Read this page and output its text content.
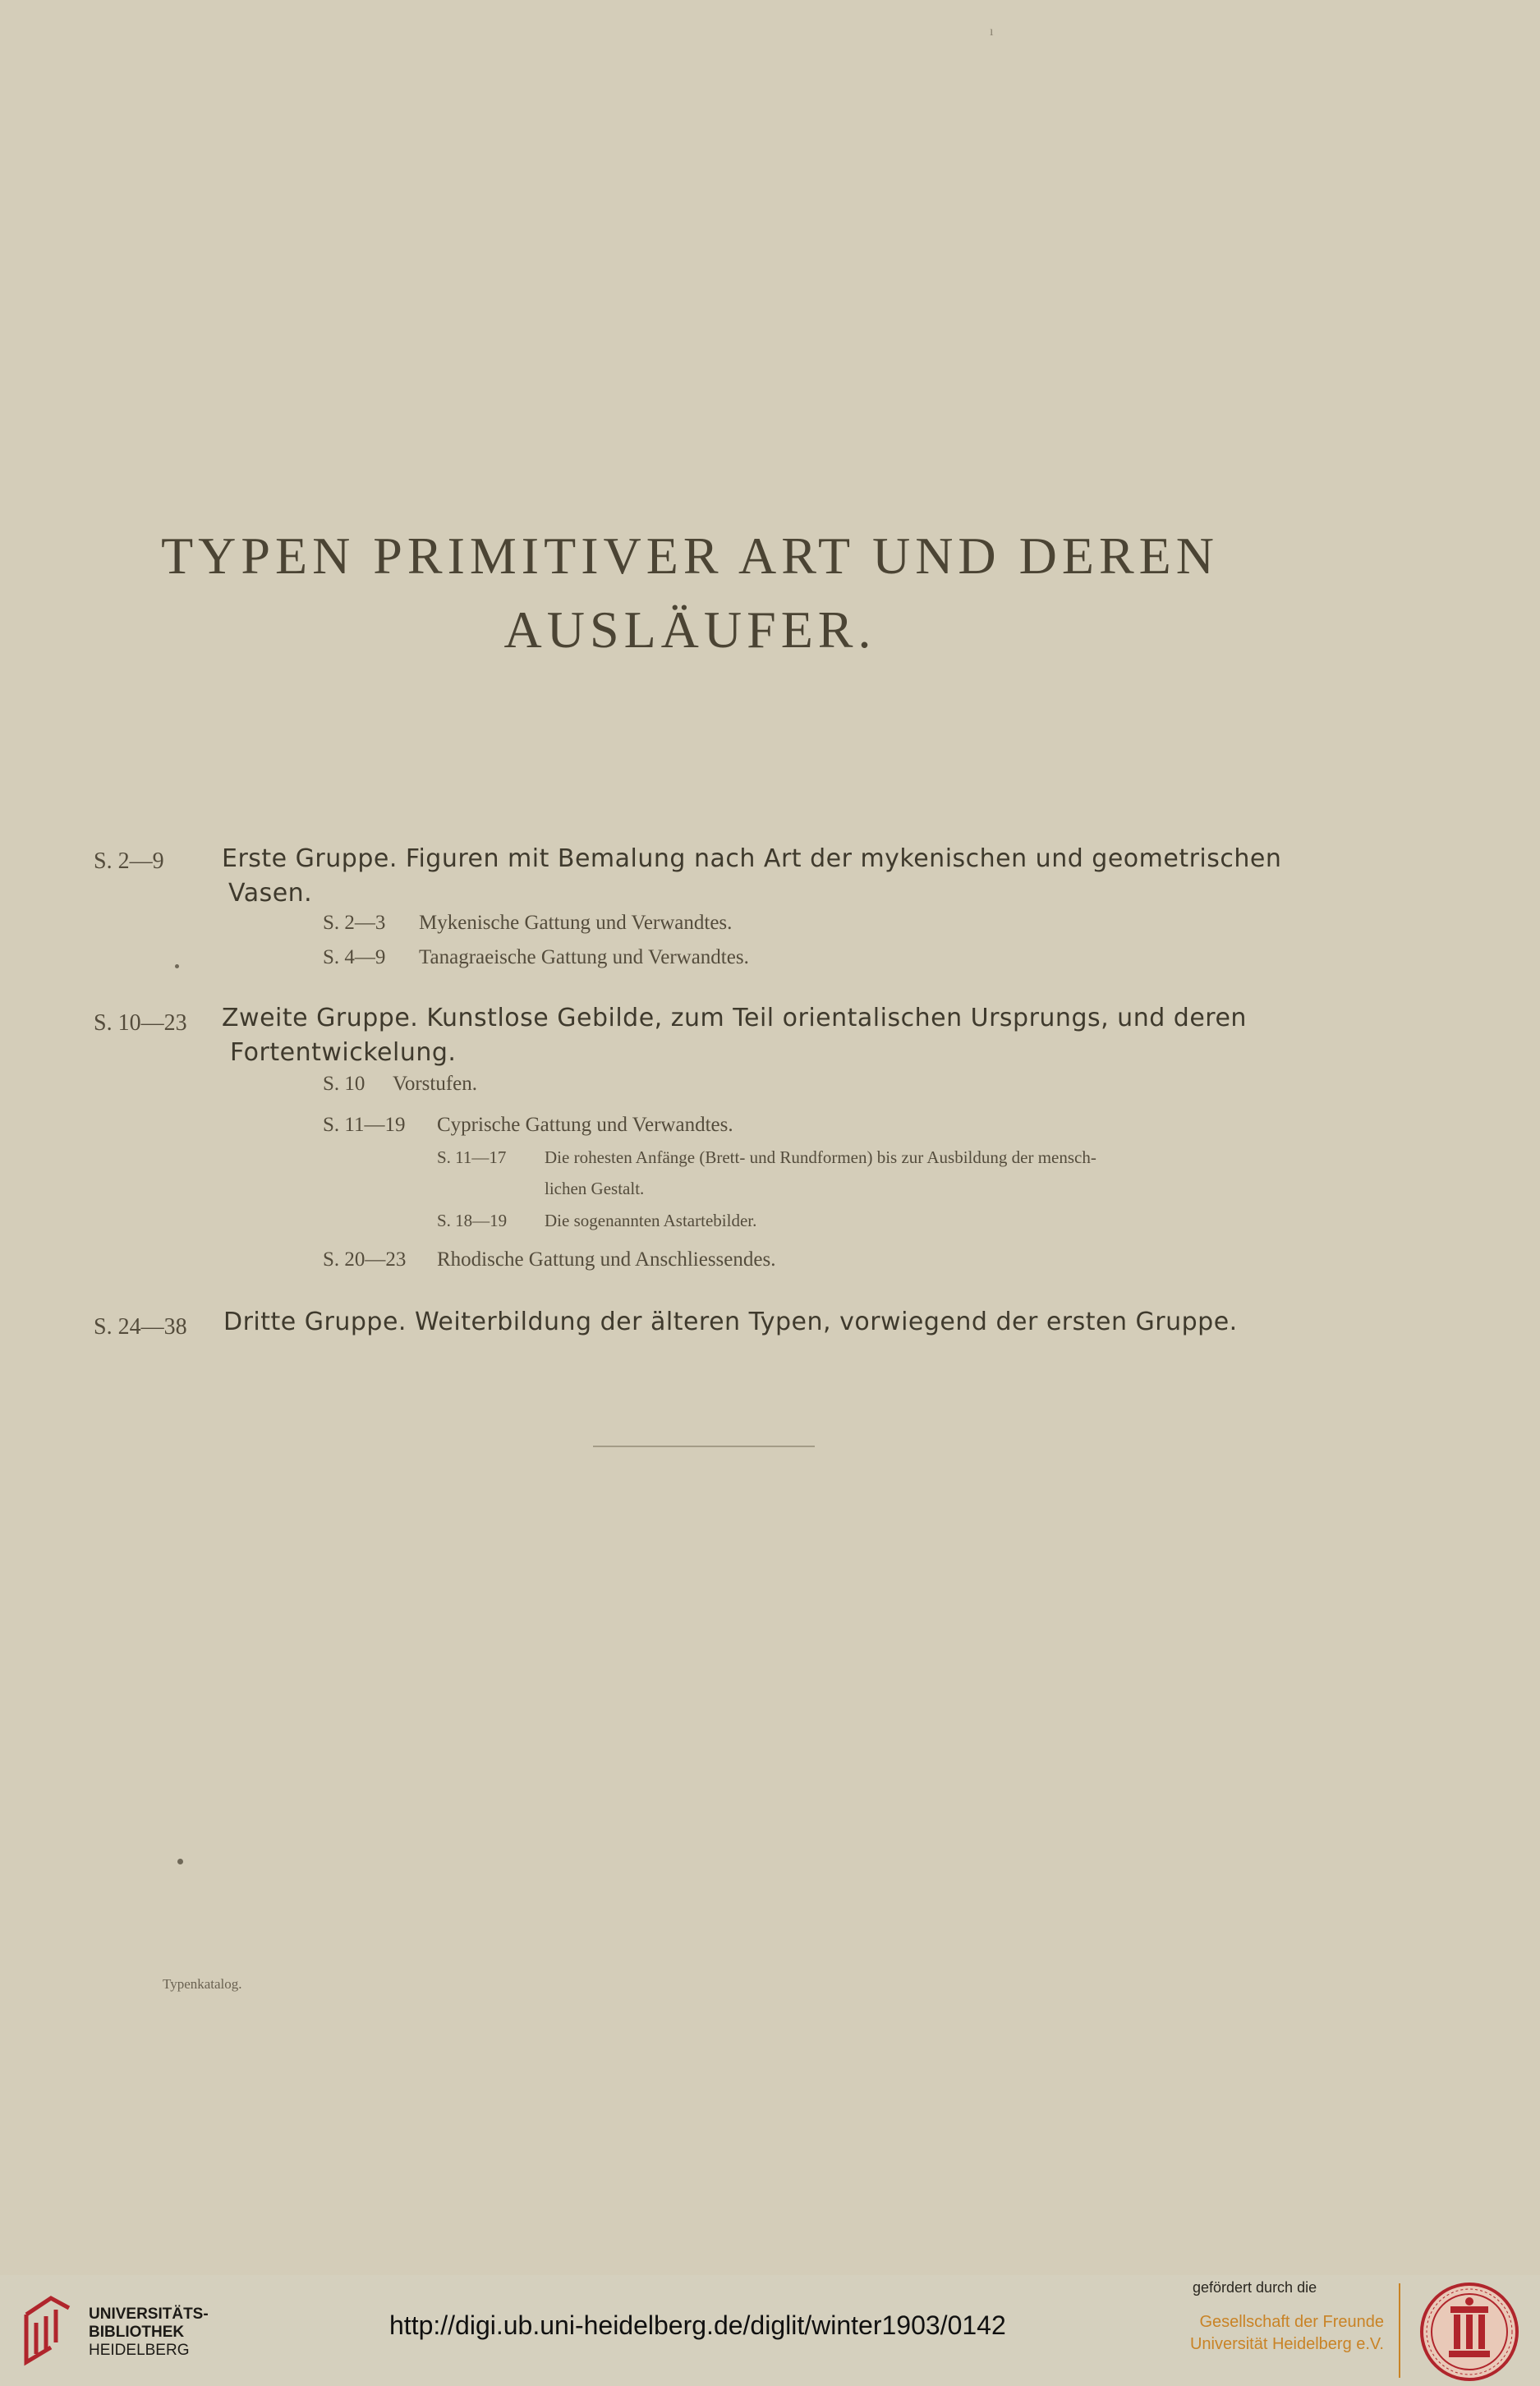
ı
TYPEN PRIMITIVER ART UND DEREN
AUSLÄUFER.
S. 2—9 Erste Gruppe. Figuren mit Bemalung nach Art der mykenischen und geometrischen
Vasen.
S. 2—3 Mykenische Gattung und Verwandtes.
S. 4—9 Tanagraeische Gattung und Verwandtes.
S. 10—23 Zweite Gruppe. Kunstlose Gebilde, zum Teil orientalischen Ursprungs, und deren
Fortentwickelung.
S. 10 Vorstufen.
S. 11—19 Cyprische Gattung und Verwandtes.
S. 11—17 Die rohesten Anfänge (Brett- und Rundformen) bis zur Ausbildung der mensch-
lichen Gestalt.
S. 18—19 Die sogenannten Astartebilder.
S. 20—23 Rhodische Gattung und Anschliessendes.
S. 24—38 Dritte Gruppe. Weiterbildung der älteren Typen, vorwiegend der ersten Gruppe.
Typenkatalog.
UNIVERSITÄTS-
BIBLIOTHEK
HEIDELBERG
http://digi.ub.uni-heidelberg.de/diglit/winter1903/0142
gefördert durch die
Gesellschaft der Freunde
Universität Heidelberg e.V.
